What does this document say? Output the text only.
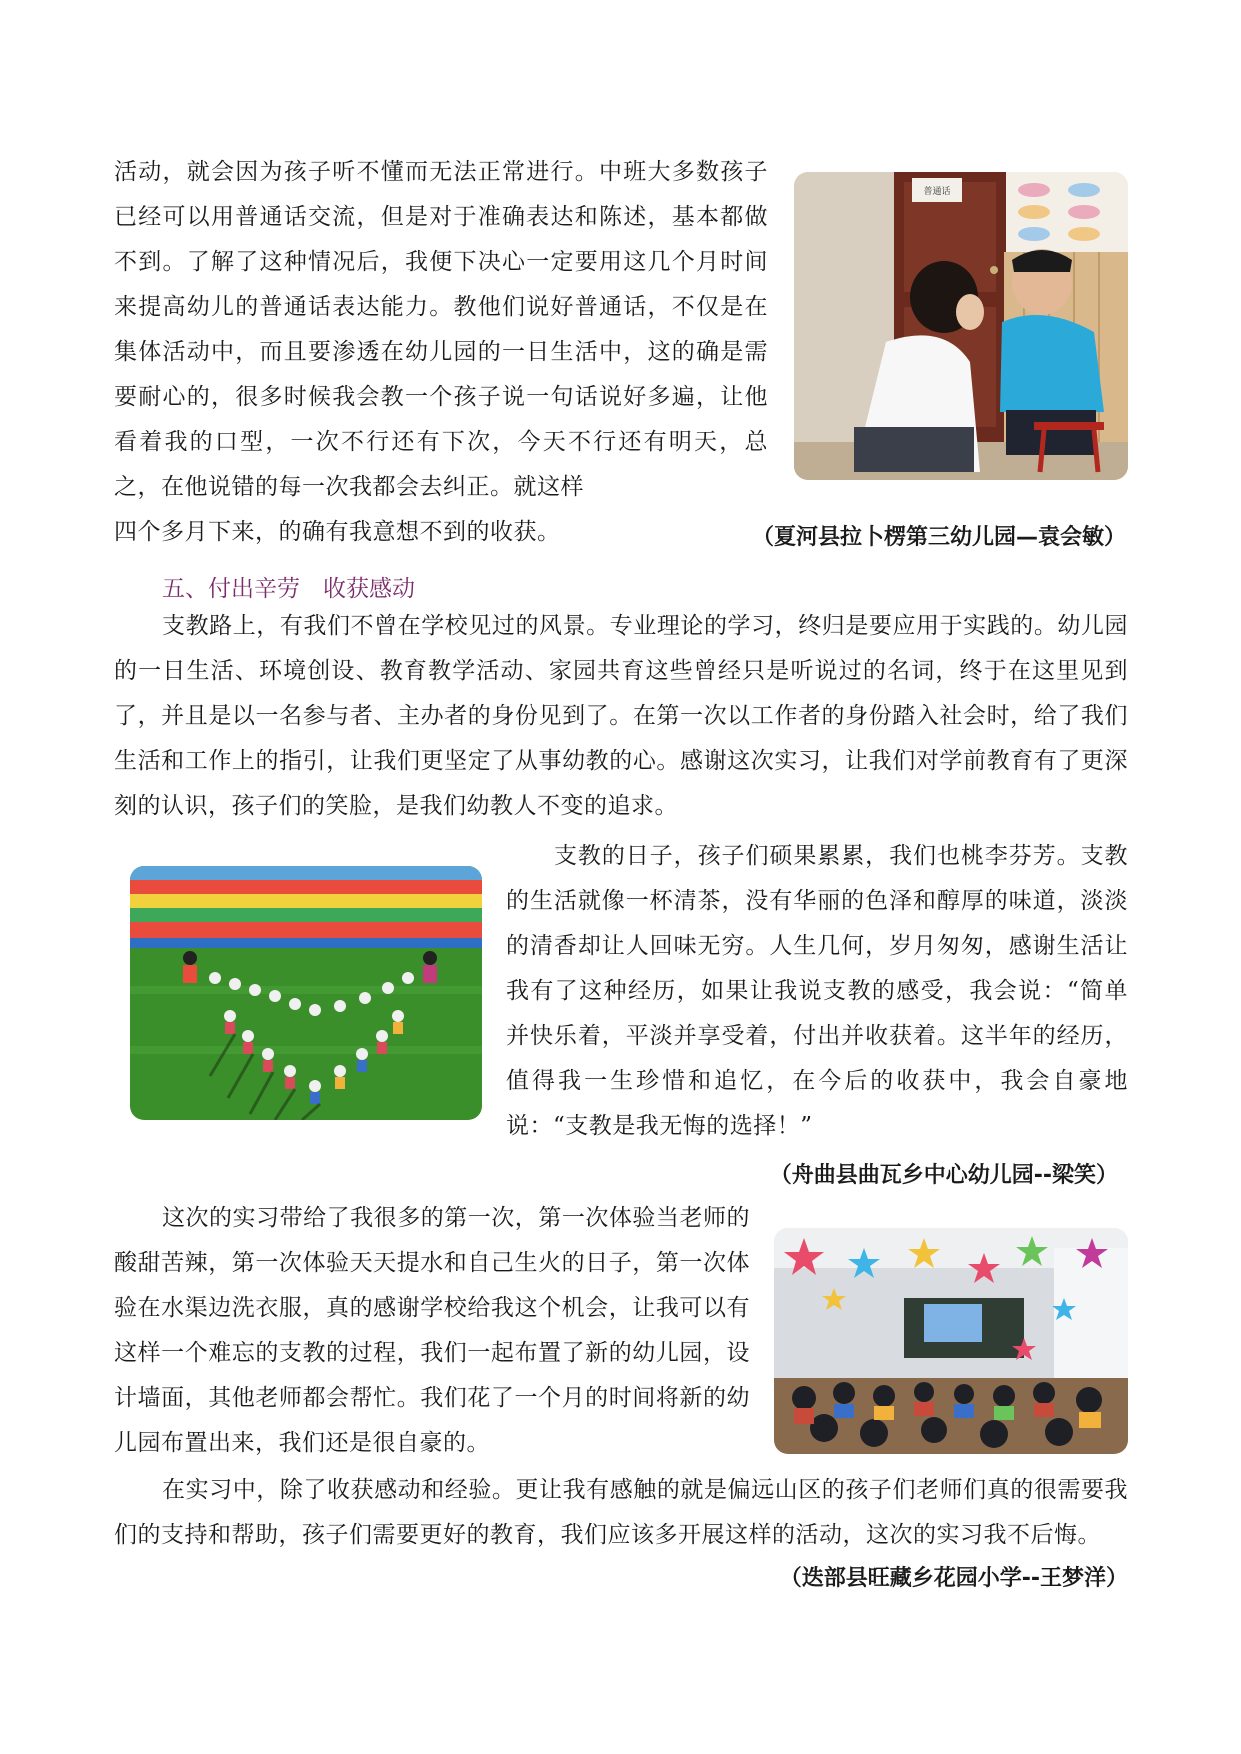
活动，就会因为孩子听不懂而无法正常进行。中班大多数孩子已经可以用普通话交流，但是对于准确表达和陈述，基本都做不到。了解了这种情况后，我便下决心一定要用这几个月时间来提高幼儿的普通话表达能力。教他们说好普通话，不仅是在集体活动中，而且要渗透在幼儿园的一日生活中，这的确是需要耐心的，很多时候我会教一个孩子说一句话说好多遍，让他看着我的口型，一次不行还有下次，今天不行还有明天，总之，在他说错的每一次我都会去纠正。就这样

四个多月下来，的确有我意想不到的收获。	（夏河县拉卜楞第三幼儿园—袁会敏）

普通话

五、付出辛劳　收获感动

支教路上，有我们不曾在学校见过的风景。专业理论的学习，终归是要应用于实践的。幼儿园的一日生活、环境创设、教育教学活动、家园共育这些曾经只是听说过的名词，终于在这里见到了，并且是以一名参与者、主办者的身份见到了。在第一次以工作者的身份踏入社会时，给了我们生活和工作上的指引，让我们更坚定了从事幼教的心。感谢这次实习，让我们对学前教育有了更深刻的认识，孩子们的笑脸，是我们幼教人不变的追求。

支教的日子，孩子们硕果累累，我们也桃李芬芳。支教的生活就像一杯清茶，没有华丽的色泽和醇厚的味道，淡淡的清香却让人回味无穷。人生几何，岁月匆匆，感谢生活让我有了这种经历，如果让我说支教的感受，我会说：“简单并快乐着，平淡并享受着，付出并收获着。这半年的经历，值得我一生珍惜和追忆，在今后的收获中，我会自豪地说：“支教是我无悔的选择！”

（舟曲县曲瓦乡中心幼儿园--梁笑）

这次的实习带给了我很多的第一次，第一次体验当老师的酸甜苦辣，第一次体验天天提水和自己生火的日子，第一次体验在水渠边洗衣服，真的感谢学校给我这个机会，让我可以有这样一个难忘的支教的过程，我们一起布置了新的幼儿园，设计墙面，其他老师都会帮忙。我们花了一个月的时间将新的幼儿园布置出来，我们还是很自豪的。

在实习中，除了收获感动和经验。更让我有感触的就是偏远山区的孩子们老师们真的很需要我们的支持和帮助，孩子们需要更好的教育，我们应该多开展这样的活动，这次的实习我不后悔。

（迭部县旺藏乡花园小学--王梦洋）
